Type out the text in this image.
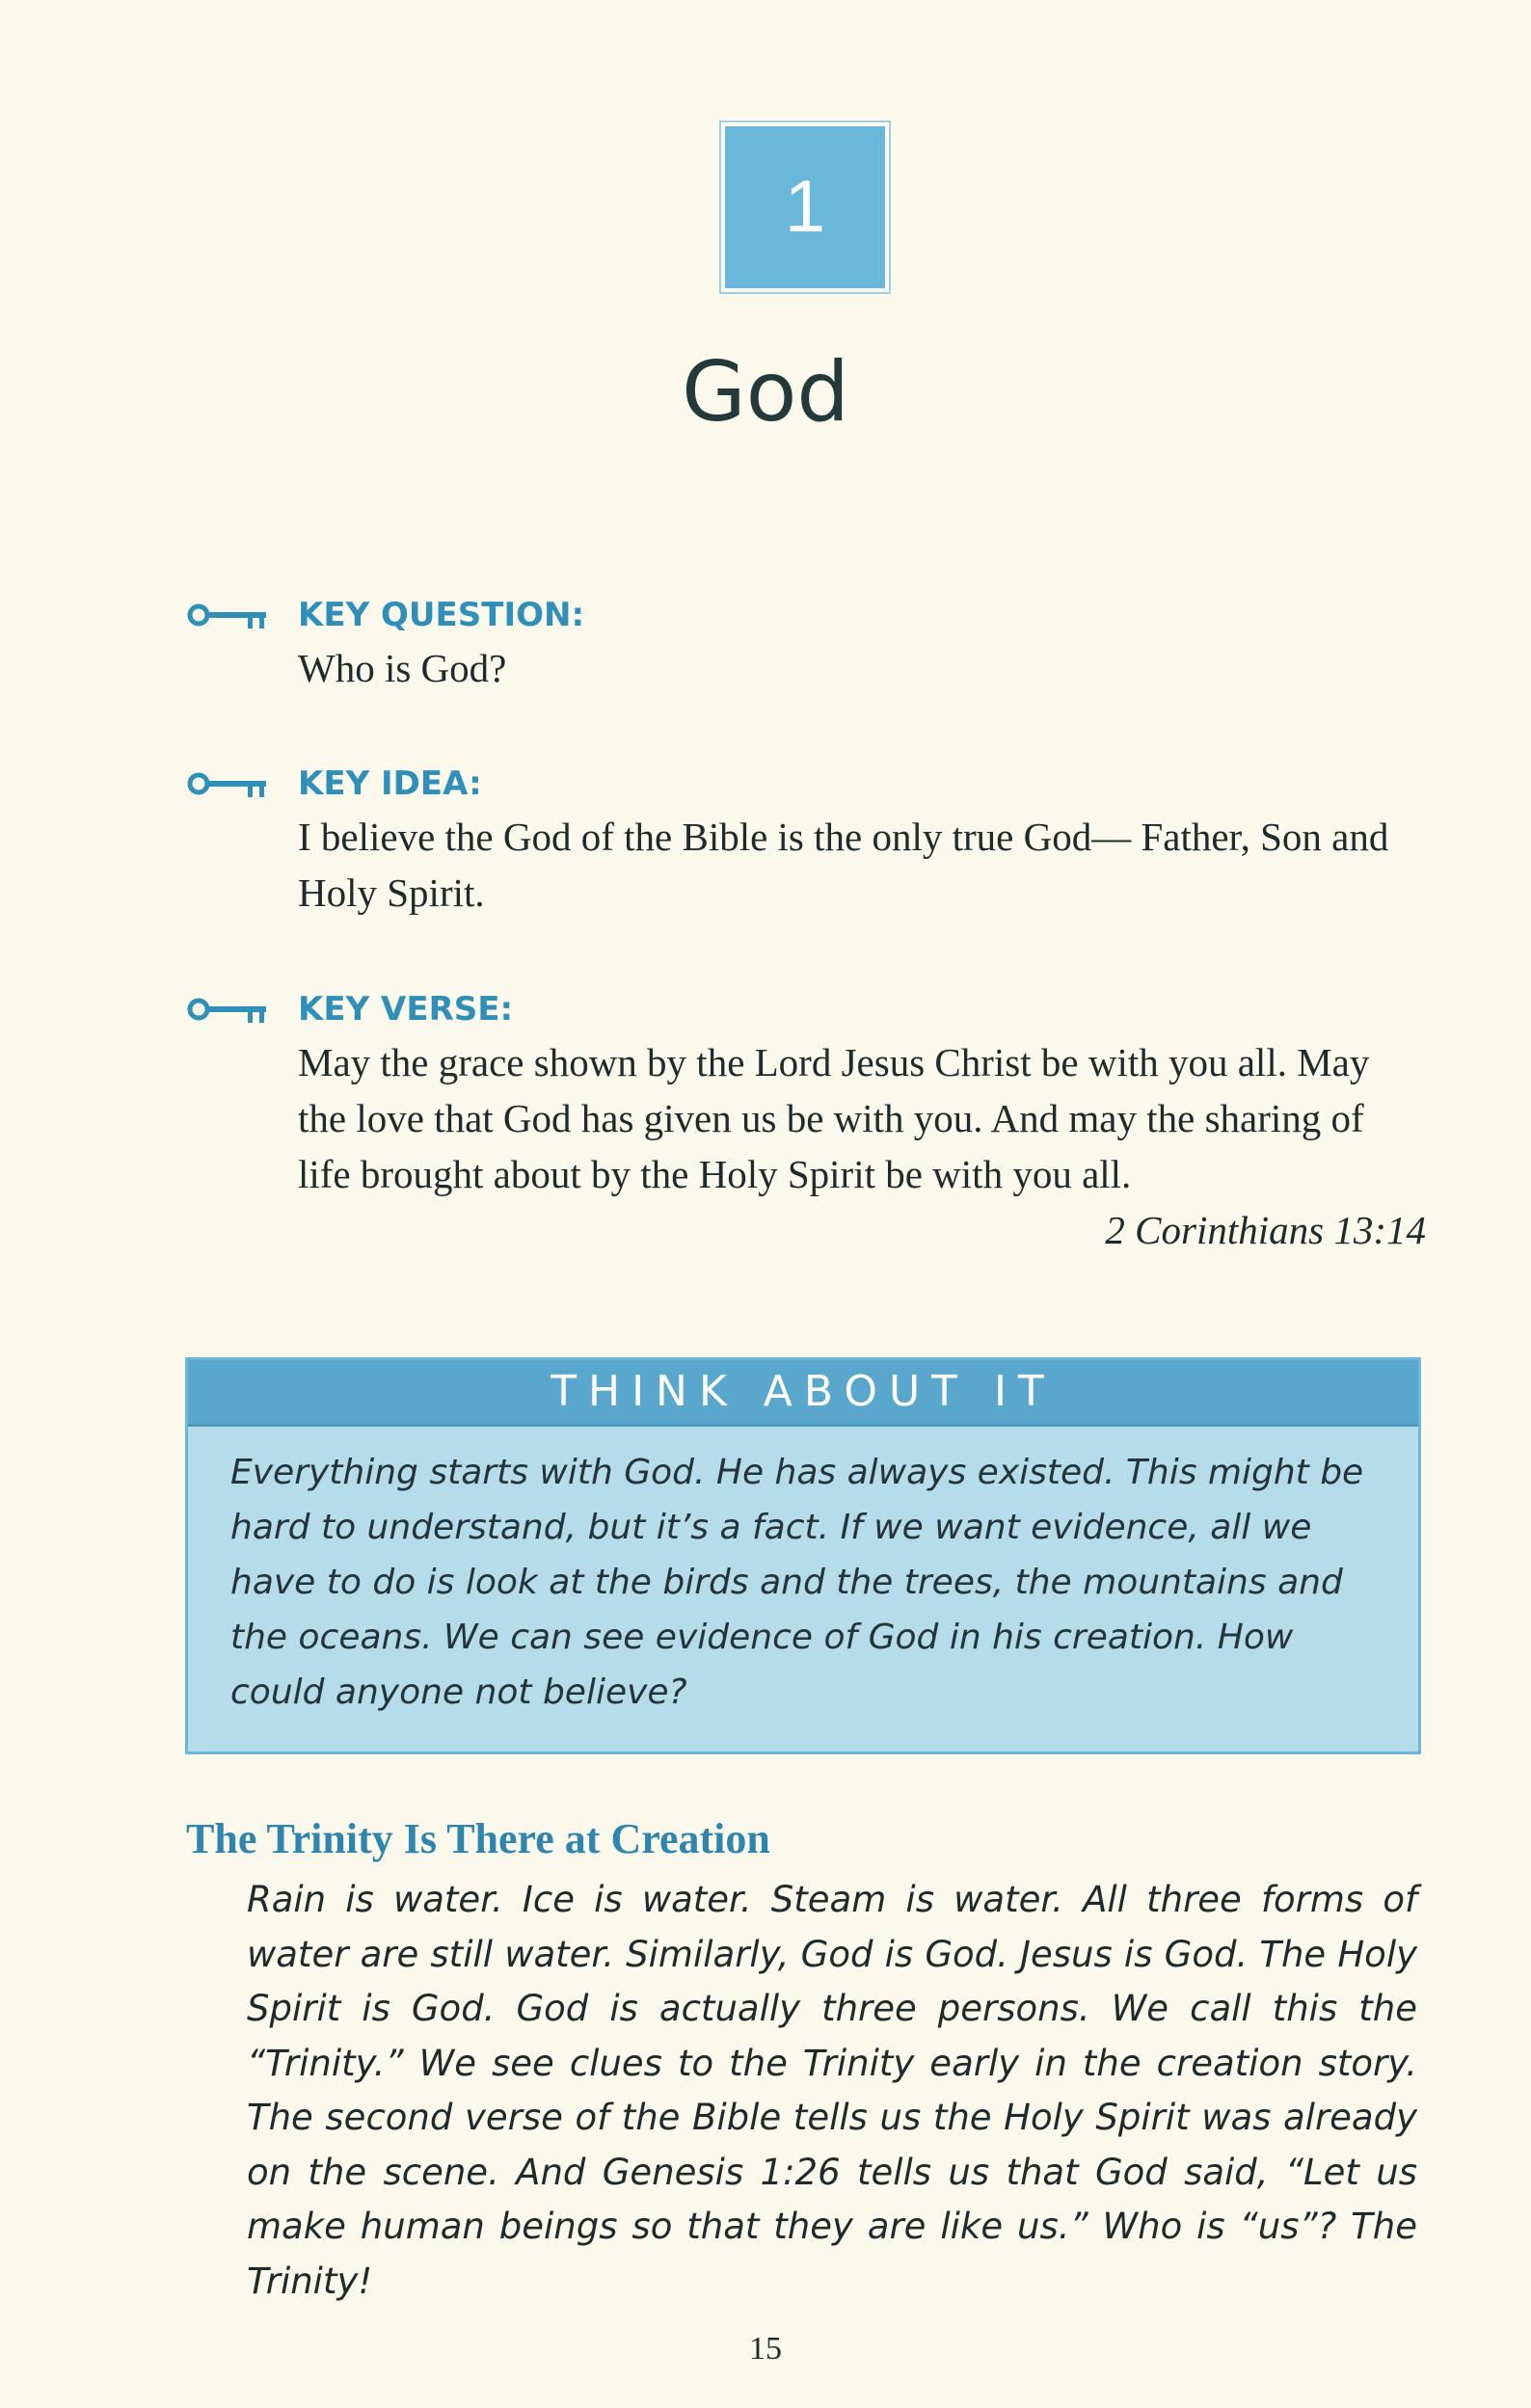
1
God
KEY QUESTION:
Who is God?
KEY IDEA:
I believe the God of the Bible is the only true God— Father, Son and Holy Spirit.
KEY VERSE:
May the grace shown by the Lord Jesus Christ be with you all. May the love that God has given us be with you. And may the sharing of life brought about by the Holy Spirit be with you all.
2 Corinthians 13:14
THINK ABOUT IT
Everything starts with God. He has always existed. This might be hard to understand, but it’s a fact. If we want evidence, all we have to do is look at the birds and the trees, the mountains and the oceans. We can see evidence of God in his creation. How could anyone not believe?
The Trinity Is There at Creation
Rain is water. Ice is water. Steam is water. All three forms of water are still water. Similarly, God is God. Jesus is God. The Holy Spirit is God. God is actually three persons. We call this the “Trinity.” We see clues to the Trinity early in the creation story. The second verse of the Bible tells us the Holy Spirit was already on the scene. And Genesis 1:26 tells us that God said, “Let us make human beings so that they are like us.” Who is “us”? The Trinity!
15
